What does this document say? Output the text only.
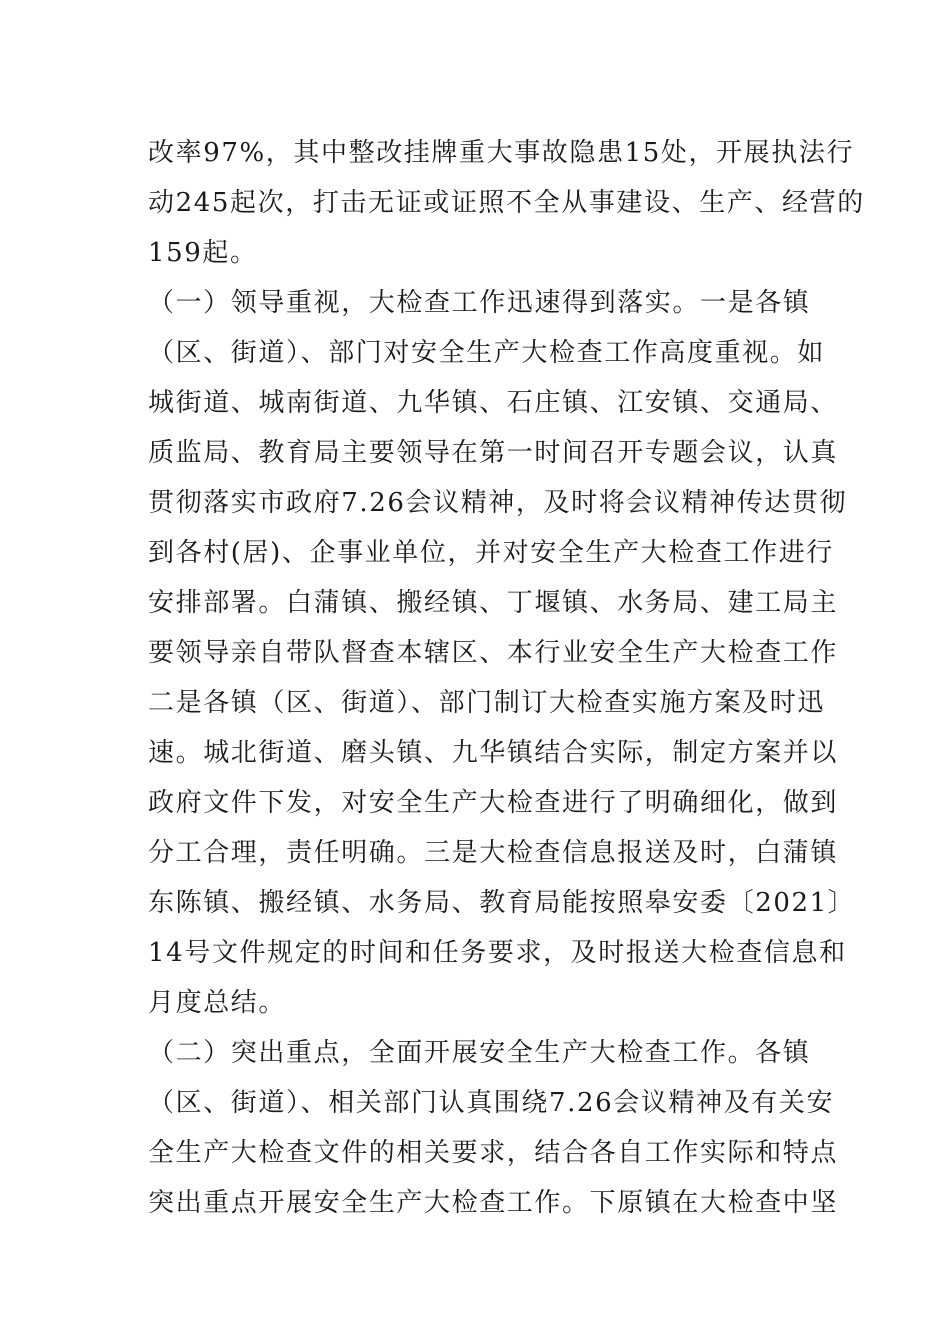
改率97%，其中整改挂牌重大事故隐患15处，开展执法行
动245起次，打击无证或证照不全从事建设、生产、经营的
159起。
（一）领导重视，大检查工作迅速得到落实。一是各镇
（区、街道）、部门对安全生产大检查工作高度重视。如
城街道、城南街道、九华镇、石庄镇、江安镇、交通局、
质监局、教育局主要领导在第一时间召开专题会议，认真
贯彻落实市政府7.26会议精神，及时将会议精神传达贯彻
到各村(居)、企事业单位，并对安全生产大检查工作进行
安排部署。白蒲镇、搬经镇、丁堰镇、水务局、建工局主
要领导亲自带队督查本辖区、本行业安全生产大检查工作
二是各镇（区、街道）、部门制订大检查实施方案及时迅
速。城北街道、磨头镇、九华镇结合实际，制定方案并以
政府文件下发，对安全生产大检查进行了明确细化，做到
分工合理，责任明确。三是大检查信息报送及时，白蒲镇
东陈镇、搬经镇、水务局、教育局能按照皋安委〔2021〕
14号文件规定的时间和任务要求，及时报送大检查信息和
月度总结。
（二）突出重点，全面开展安全生产大检查工作。各镇
（区、街道）、相关部门认真围绕7.26会议精神及有关安
全生产大检查文件的相关要求，结合各自工作实际和特点
突出重点开展安全生产大检查工作。下原镇在大检查中坚
